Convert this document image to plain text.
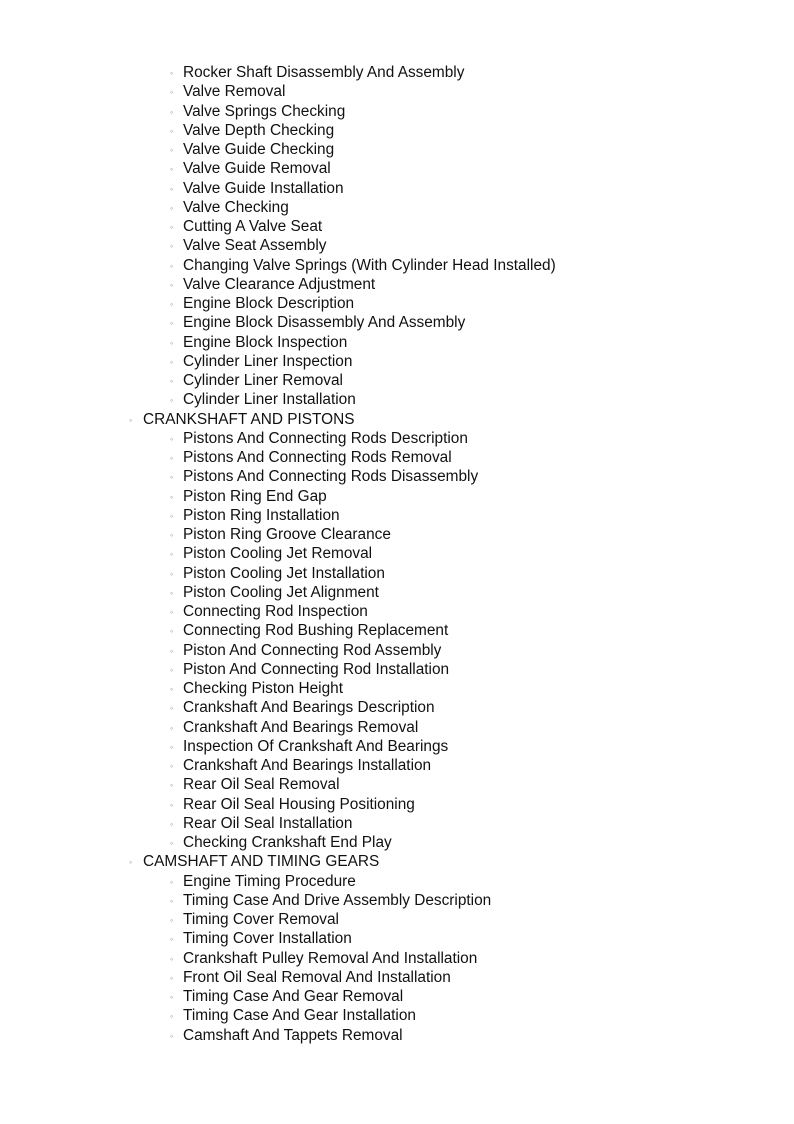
◦ Rocker Shaft Disassembly And Assembly
◦ Valve Removal
◦ Valve Springs Checking
◦ Valve Depth Checking
◦ Valve Guide Checking
◦ Valve Guide Removal
◦ Valve Guide Installation
◦ Valve Checking
◦ Cutting A Valve Seat
◦ Valve Seat Assembly
◦ Changing Valve Springs (With Cylinder Head Installed)
◦ Valve Clearance Adjustment
◦ Engine Block Description
◦ Engine Block Disassembly And Assembly
◦ Engine Block Inspection
◦ Cylinder Liner Inspection
◦ Cylinder Liner Removal
◦ Cylinder Liner Installation
◦ CRANKSHAFT AND PISTONS
◦ Pistons And Connecting Rods Description
◦ Pistons And Connecting Rods Removal
◦ Pistons And Connecting Rods Disassembly
◦ Piston Ring End Gap
◦ Piston Ring Installation
◦ Piston Ring Groove Clearance
◦ Piston Cooling Jet Removal
◦ Piston Cooling Jet Installation
◦ Piston Cooling Jet Alignment
◦ Connecting Rod Inspection
◦ Connecting Rod Bushing Replacement
◦ Piston And Connecting Rod Assembly
◦ Piston And Connecting Rod Installation
◦ Checking Piston Height
◦ Crankshaft And Bearings Description
◦ Crankshaft And Bearings Removal
◦ Inspection Of Crankshaft And Bearings
◦ Crankshaft And Bearings Installation
◦ Rear Oil Seal Removal
◦ Rear Oil Seal Housing Positioning
◦ Rear Oil Seal Installation
◦ Checking Crankshaft End Play
◦ CAMSHAFT AND TIMING GEARS
◦ Engine Timing Procedure
◦ Timing Case And Drive Assembly Description
◦ Timing Cover Removal
◦ Timing Cover Installation
◦ Crankshaft Pulley Removal And Installation
◦ Front Oil Seal Removal And Installation
◦ Timing Case And Gear Removal
◦ Timing Case And Gear Installation
◦ Camshaft And Tappets Removal
